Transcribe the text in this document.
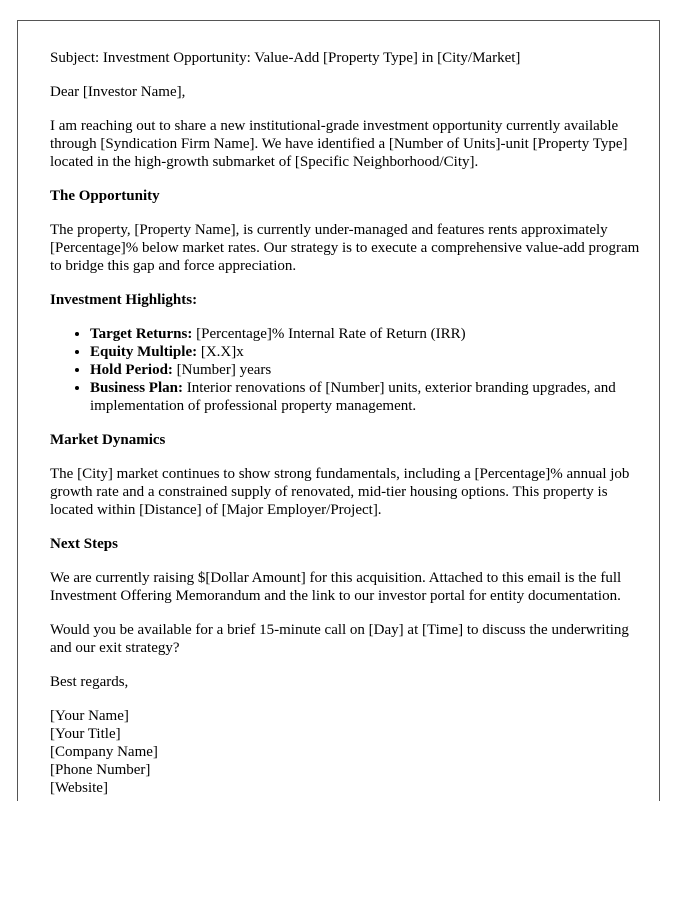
Subject: Investment Opportunity: Value-Add [Property Type] in [City/Market]

Dear [Investor Name],

I am reaching out to share a new institutional-grade investment opportunity currently available through [Syndication Firm Name]. We have identified a [Number of Units]-unit [Property Type] located in the high-growth submarket of [Specific Neighborhood/City].

The Opportunity

The property, [Property Name], is currently under-managed and features rents approximately [Percentage]% below market rates. Our strategy is to execute a comprehensive value-add program to bridge this gap and force appreciation.

Investment Highlights:
• Target Returns: [Percentage]% Internal Rate of Return (IRR)
• Equity Multiple: [X.X]x
• Hold Period: [Number] years
• Business Plan: Interior renovations of [Number] units, exterior branding upgrades, and implementation of professional property management.
Market Dynamics

The [City] market continues to show strong fundamentals, including a [Percentage]% annual job growth rate and a constrained supply of renovated, mid-tier housing options. This property is located within [Distance] of [Major Employer/Project].

Next Steps

We are currently raising $[Dollar Amount] for this acquisition. Attached to this email is the full Investment Offering Memorandum and the link to our investor portal for entity documentation.

Would you be available for a brief 15-minute call on [Day] at [Time] to discuss the underwriting and our exit strategy?

Best regards,

[Your Name]
[Your Title]
[Company Name]
[Phone Number]
[Website]
